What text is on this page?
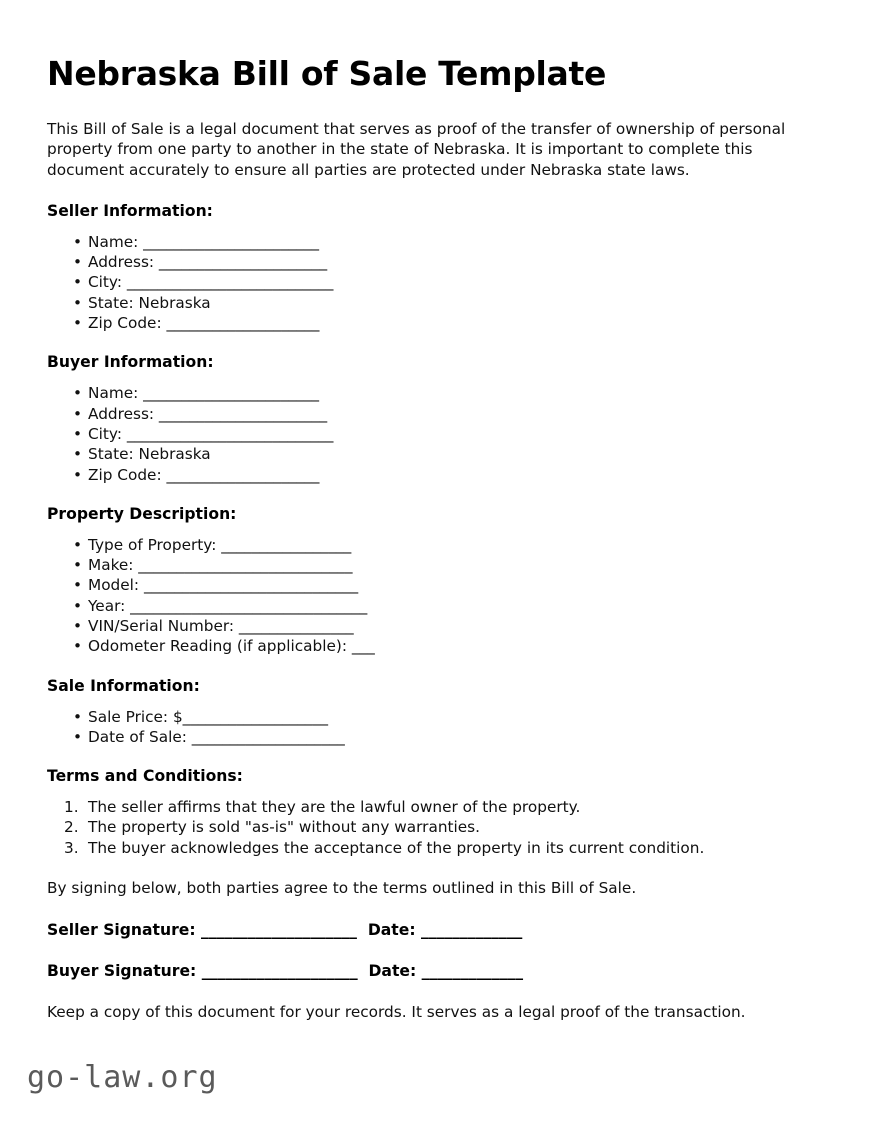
Nebraska Bill of Sale Template

This Bill of Sale is a legal document that serves as proof of the transfer of ownership of personal property from one party to another in the state of Nebraska. It is important to complete this document accurately to ensure all parties are protected under Nebraska state laws.

Seller Information:
• Name: _______________________
• Address: ______________________
• City: ___________________________
• State: Nebraska
• Zip Code: ____________________
Buyer Information:
• Name: _______________________
• Address: ______________________
• City: ___________________________
• State: Nebraska
• Zip Code: ____________________
Property Description:
• Type of Property: _________________
• Make: ____________________________
• Model: ____________________________
• Year: _______________________________
• VIN/Serial Number: _______________
• Odometer Reading (if applicable): ___
Sale Information:
• Sale Price: $___________________
• Date of Sale: ____________________
Terms and Conditions:
The seller affirms that they are the lawful owner of the property.
The property is sold "as-is" without any warranties.
The buyer acknowledges the acceptance of the property in its current condition.

By signing below, both parties agree to the terms outlined in this Bill of Sale.

Seller Signature: ____________________  Date: _____________
Buyer Signature: ____________________  Date: _____________

Keep a copy of this document for your records. It serves as a legal proof of the transaction.

go-law.org
